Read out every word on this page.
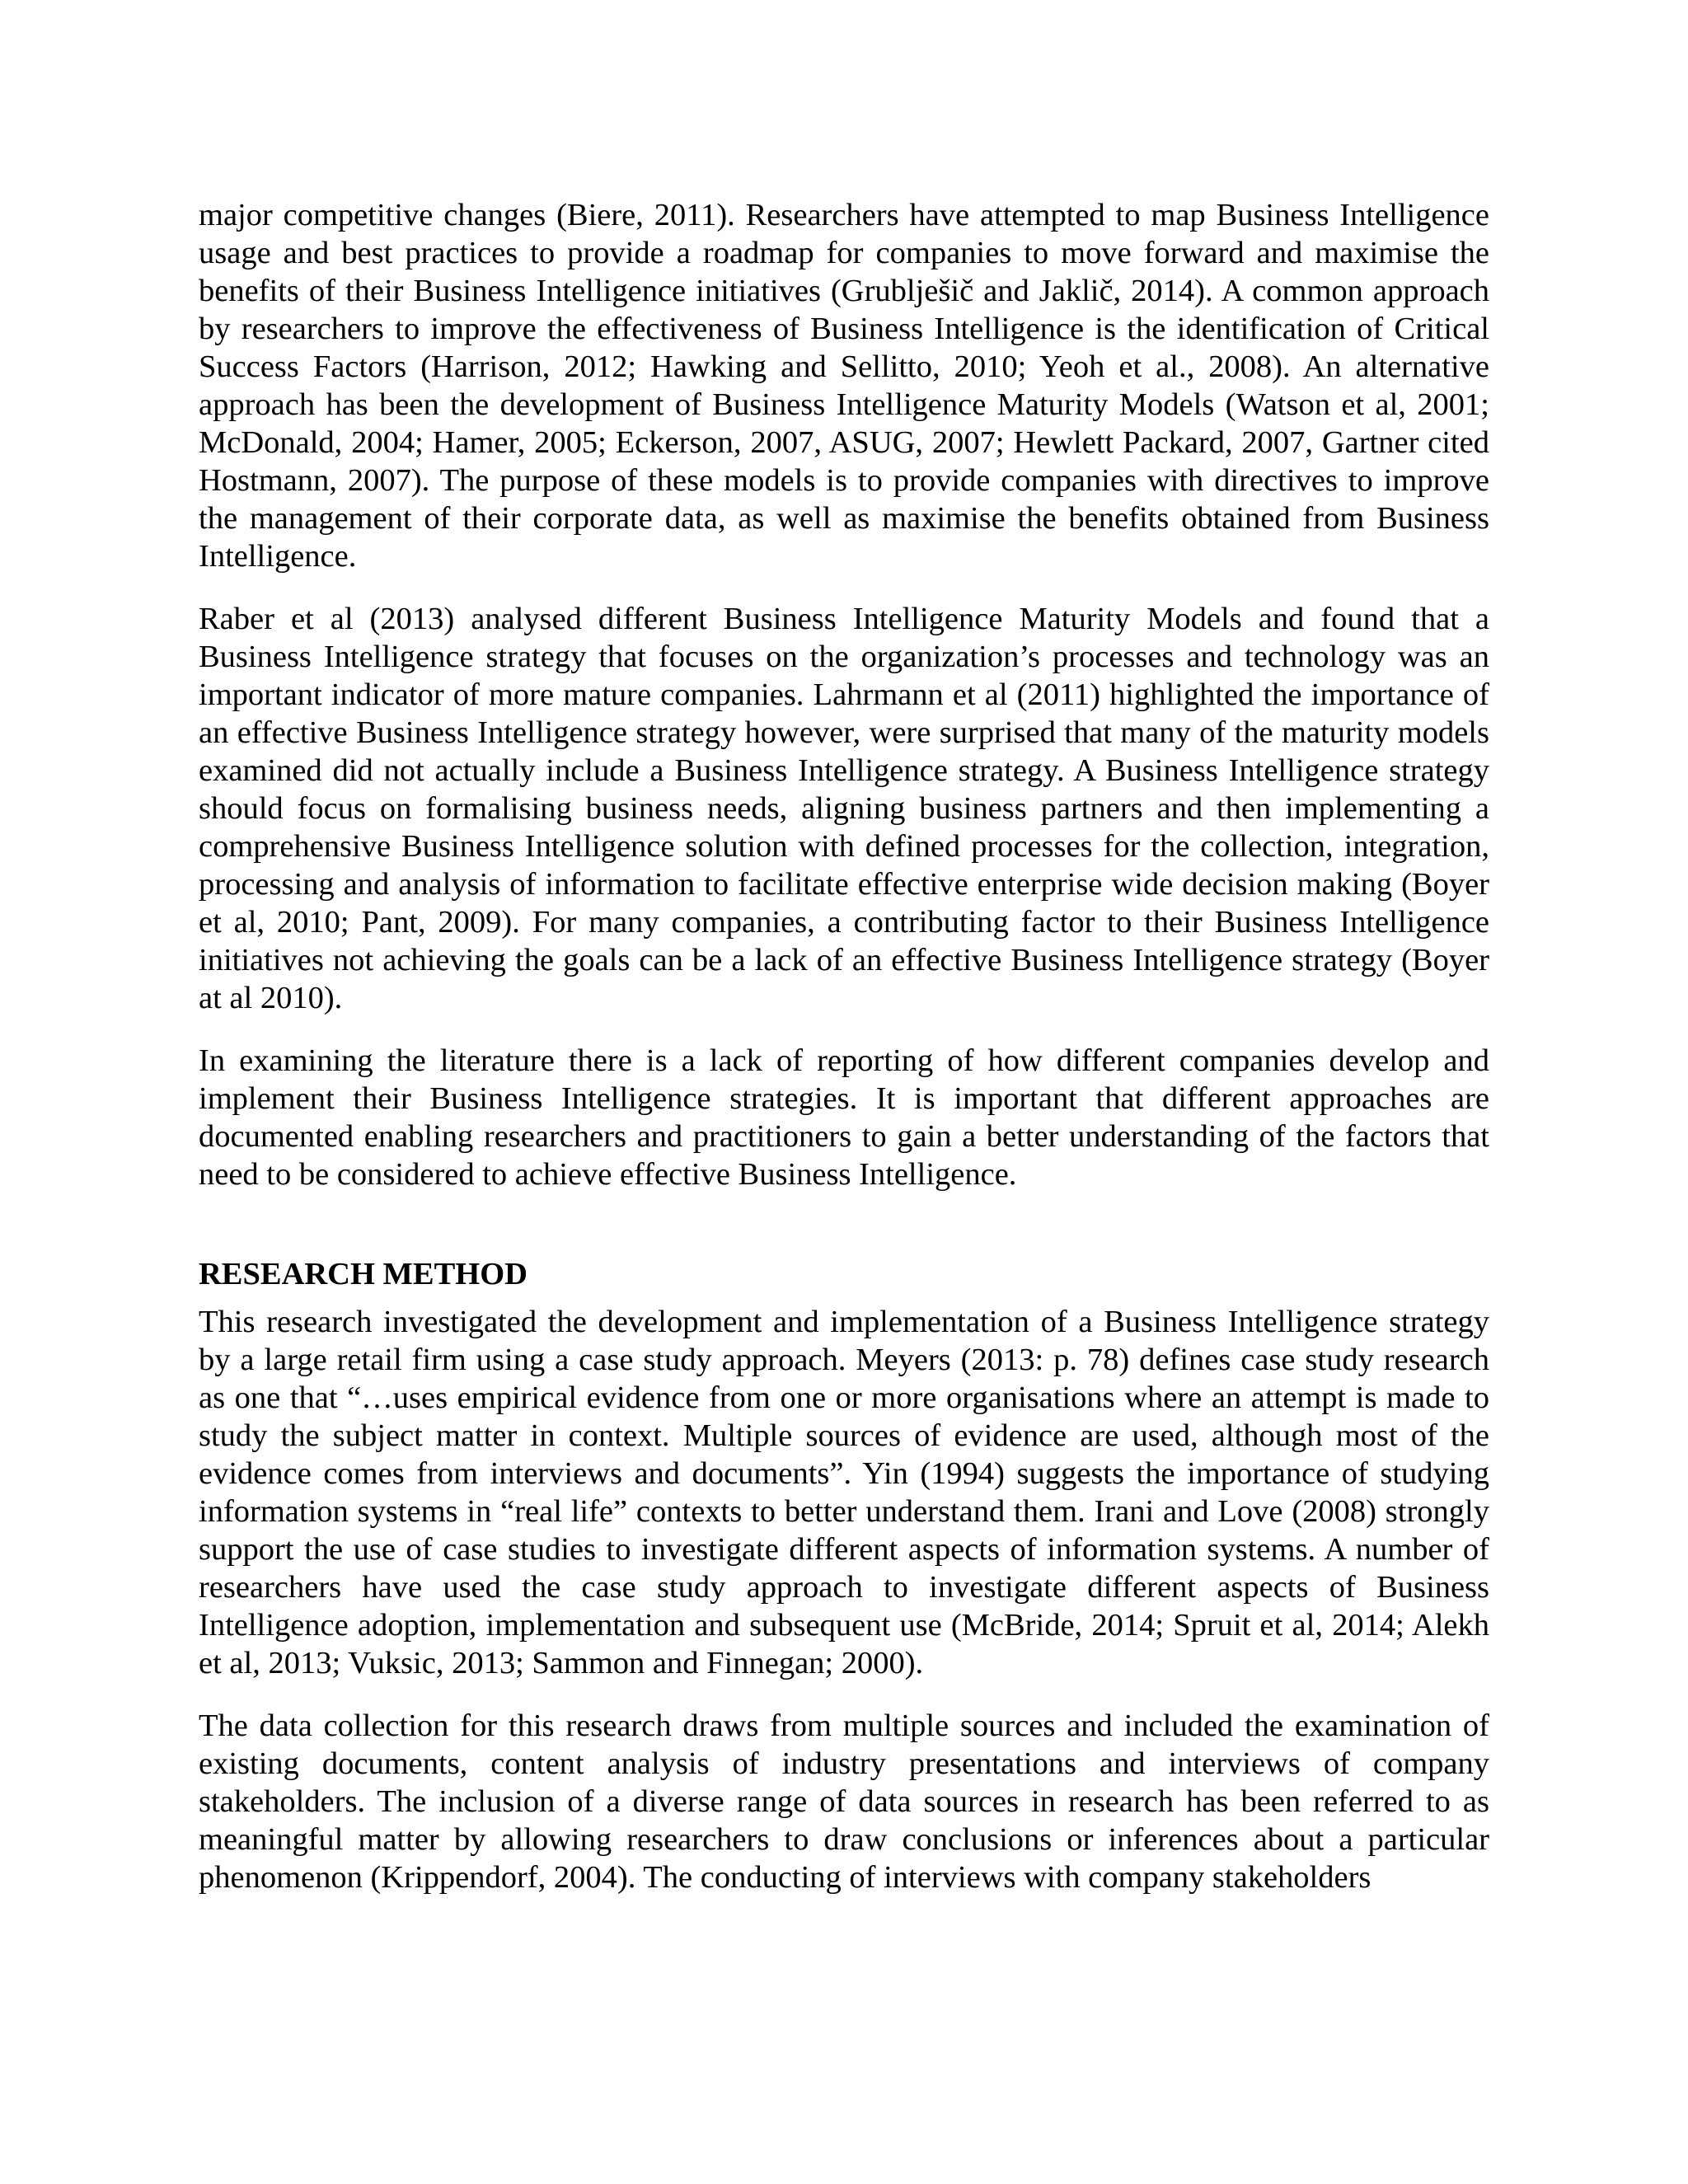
major competitive changes (Biere, 2011). Researchers have attempted to map Business Intelligence usage and best practices to provide a roadmap for companies to move forward and maximise the benefits of their Business Intelligence initiatives (Grublješič and Jaklič, 2014). A common approach by researchers to improve the effectiveness of Business Intelligence is the identification of Critical Success Factors (Harrison, 2012; Hawking and Sellitto, 2010; Yeoh et al., 2008). An alternative approach has been the development of Business Intelligence Maturity Models (Watson et al, 2001; McDonald, 2004; Hamer, 2005; Eckerson, 2007, ASUG, 2007; Hewlett Packard, 2007, Gartner cited Hostmann, 2007). The purpose of these models is to provide companies with directives to improve the management of their corporate data, as well as maximise the benefits obtained from Business Intelligence.

Raber et al (2013) analysed different Business Intelligence Maturity Models and found that a Business Intelligence strategy that focuses on the organization’s processes and technology was an important indicator of more mature companies. Lahrmann et al (2011) highlighted the importance of an effective Business Intelligence strategy however, were surprised that many of the maturity models examined did not actually include a Business Intelligence strategy. A Business Intelligence strategy should focus on formalising business needs, aligning business partners and then implementing a comprehensive Business Intelligence solution with defined processes for the collection, integration, processing and analysis of information to facilitate effective enterprise wide decision making (Boyer et al, 2010; Pant, 2009). For many companies, a contributing factor to their Business Intelligence initiatives not achieving the goals can be a lack of an effective Business Intelligence strategy (Boyer at al 2010).

In examining the literature there is a lack of reporting of how different companies develop and implement their Business Intelligence strategies. It is important that different approaches are documented enabling researchers and practitioners to gain a better understanding of the factors that need to be considered to achieve effective Business Intelligence.

RESEARCH METHOD

This research investigated the development and implementation of a Business Intelligence strategy by a large retail firm using a case study approach. Meyers (2013: p. 78) defines case study research as one that “…uses empirical evidence from one or more organisations where an attempt is made to study the subject matter in context. Multiple sources of evidence are used, although most of the evidence comes from interviews and documents”. Yin (1994) suggests the importance of studying information systems in “real life” contexts to better understand them. Irani and Love (2008) strongly support the use of case studies to investigate different aspects of information systems. A number of researchers have used the case study approach to investigate different aspects of Business Intelligence adoption, implementation and subsequent use (McBride, 2014; Spruit et al, 2014; Alekh et al, 2013; Vuksic, 2013; Sammon and Finnegan; 2000).

The data collection for this research draws from multiple sources and included the examination of existing documents, content analysis of industry presentations and interviews of company stakeholders. The inclusion of a diverse range of data sources in research has been referred to as meaningful matter by allowing researchers to draw conclusions or inferences about a particular phenomenon (Krippendorf, 2004). The conducting of interviews with company stakeholders
